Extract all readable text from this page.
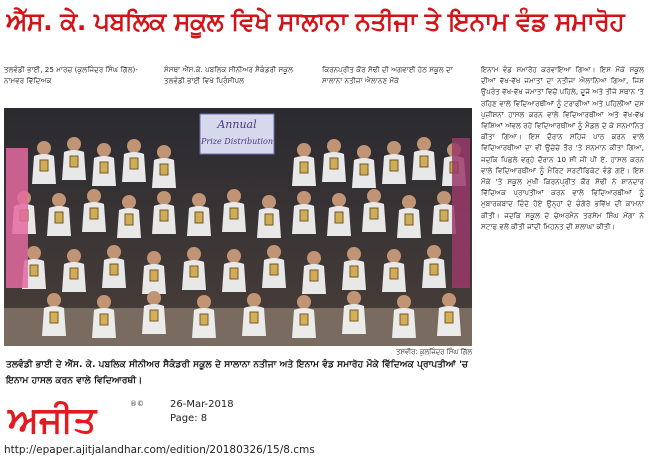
ਐੱਸ. ਕੇ. ਪਬਲਿਕ ਸਕੂਲ ਵਿਖੇ ਸਾਲਾਨਾ ਨਤੀਜਾ ਤੇ ਇਨਾਮ ਵੰਡ ਸਮਾਰੋਹ
ਤਲਵੰਡੀ ਭਾਈ, 25 ਮਾਰਚ (ਕੁਲਜਿੰਦਰ ਸਿੰਘ ਗਿੱਲ)-ਨਾਮਵਰ ਵਿੱਦਿਅਕ
ਸੰਸਥਾ ਐੱਸ.ਕੇ. ਪਬਲਿਕ ਸੀਨੀਅਰ ਸੈਕੰਡਰੀ ਸਕੂਲ ਤਲਵੰਡੀ ਭਾਈ ਵਿਖੇ ਪ੍ਰਿੰਸੀਪਲ
ਕਿਰਨਪ੍ਰੀਤ ਕੌਰ ਸੋਢੀ ਦੀ ਅਗਵਾਈ ਹੇਠ ਸਕੂਲ ਦਾ ਸਾਲਾਨਾ ਨਤੀਜਾ ਐਲਾਨਣ ਮੌਕੇ
ਇਨਾਮ ਵੰਡ ਸਮਾਰੋਹ ਕਰਵਾਇਆ ਗਿਆ। ਇਸ ਮੌਕੇ ਸਕੂਲ ਦੀਆਂ ਵੱਖ-ਵੱਖ ਜਮਾਤਾਂ ਦਾ ਨਤੀਜਾ ਐਲਾਨਿਆ ਗਿਆ, ਜਿਸ ਉਪਰੰਤ ਵੱਖ-ਵੱਖ ਜਮਾਤਾਂ ਵਿਚੋਂ ਪਹਿਲੇ, ਦੂਜੇ ਅਤੇ ਤੀਜੇ ਸਥਾਨ 'ਤੇ ਰਹਿਣ ਵਾਲੇ ਵਿਦਿਆਰਥੀਆਂ ਨੂੰ ਟਰਾਫੀਆਂ ਅਤੇ ਪਹਿਲੀਆਂ ਦਸ ਪੁਜ਼ੀਸ਼ਨਾਂ ਹਾਸਲ ਕਰਨ ਵਾਲੇ ਵਿਦਿਆਰਥੀਆਂ ਅਤੇ ਵੱਖ-ਵੱਖ ਵਿਸ਼ਿਆਂ ਅੱਵਲ ਰਹੇ ਵਿਦਿਆਰਥੀਆਂ ਨੂੰ ਮੈਡਲ ਦੇ ਕੇ ਸਨਮਾਨਿਤ ਕੀਤਾ ਗਿਆ। ਇਸ ਦੌਰਾਨ ਸਹਿਜ ਪਾਠ ਕਰਨ ਵਾਲੇ ਵਿਦਿਆਰਥੀਆਂ ਦਾ ਵੀ ਉਚੇਚੇ ਤੌਰ 'ਤੇ ਸਨਮਾਨ ਕੀਤਾ ਗਿਆ, ਜਦਕਿ ਪਿਛਲੇ ਵਰ੍ਹੇ ਦੌਰਾਨ 10 ਸੀ ਜੀ ਪੀ ਏ. ਹਾਸਲ ਕਰਨ ਵਾਲੇ ਵਿਦਿਆਰਥੀਆਂ ਨੂੰ ਮੈਰਿਟ ਸਰਟੀਫਿਕੇਟ ਵੰਡੇ ਗਏ। ਇਸ ਮੌਕੇ 'ਤੇ ਸਕੂਲ ਮੁਖੀ ਕਿਰਨਪ੍ਰੀਤ ਕੌਰ ਸੋਢੀ ਨੇ ਸ਼ਾਨਦਾਰ ਵਿੱਦਿਅਕ ਪ੍ਰਾਪਤੀਆਂ ਕਰਨ ਵਾਲੇ ਵਿਦਿਆਰਥੀਆਂ ਨੂੰ ਮੁਬਾਰਕਬਾਦ ਦਿੰਦੇ ਹੋਏ ਉਨ੍ਹਾਂ ਦੇ ਚੰਗੇਰੇ ਭਵਿੱਖ ਦੀ ਕਾਮਨਾ ਕੀਤੀ। ਜਦਕਿ ਸਕੂਲ ਦੇ ਚੇਅਰਮੈਨ ਤਰਸੇਮ ਸਿੰਘ ਮੋਂਗਾ ਨੇ ਸਟਾਫ ਵਲੋਂ ਕੀਤੀ ਜਾਂਦੀ ਮਿਹਨਤ ਦੀ ਸ਼ਲਾਘਾ ਕੀਤੀ।
Annual
Prize Distribution
ਤਸਵੀਰ: ਕੁਲਜਿੰਦਰ ਸਿੰਘ ਗਿੱਲ
ਤਲਵੰਡੀ ਭਾਈ ਦੇ ਐੱਸ. ਕੇ. ਪਬਲਿਕ ਸੀਨੀਅਰ ਸੈਕੰਡਰੀ ਸਕੂਲ ਦੇ ਸਾਲਾਨਾ ਨਤੀਜਾ ਅਤੇ ਇਨਾਮ ਵੰਡ ਸਮਾਰੋਹ ਮੌਕੇ ਵਿੱਦਿਅਕ ਪ੍ਰਾਪਤੀਆਂ 'ਚ ਇਨਾਮ ਹਾਸਲ ਕਰਨ ਵਾਲੇ ਵਿਦਿਆਰਥੀ।
ਅਜੀਤ	®©	26-Mar-2018
Page: 8
http://epaper.ajitjalandhar.com/edition/20180326/15/8.cms
